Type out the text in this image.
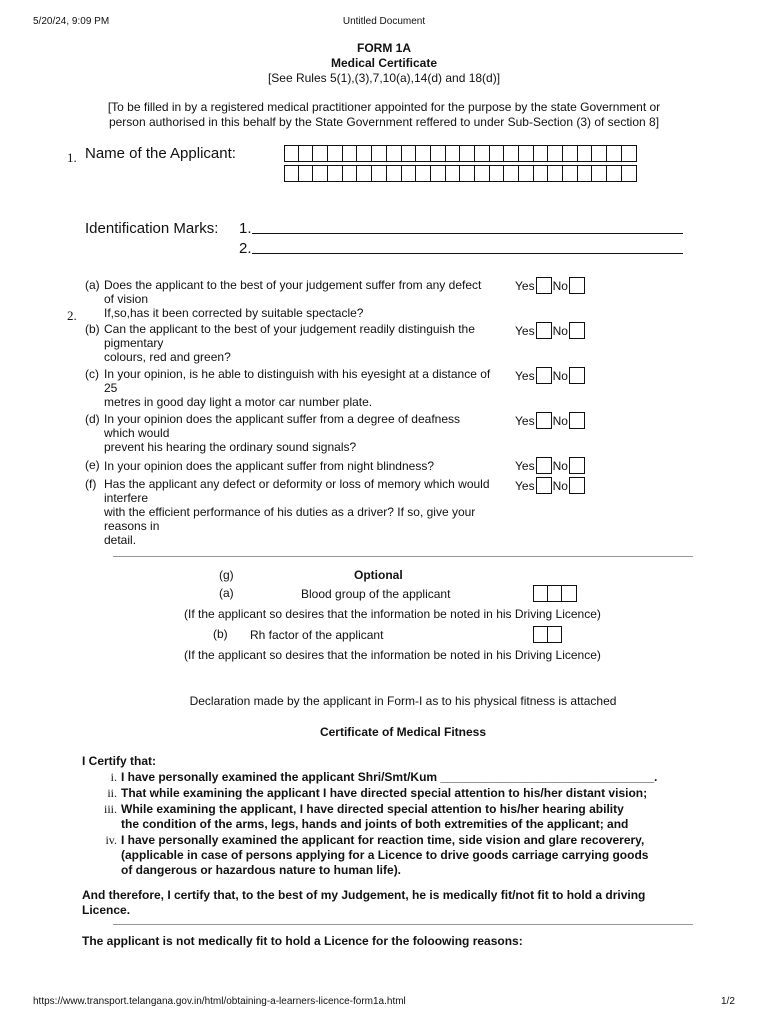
5/20/24, 9:09 PM	Untitled Document
FORM 1A
Medical Certificate
[See Rules 5(1),(3),7,10(a),14(d) and 18(d)]
[To be filled in by a registered medical practitioner appointed for the purpose by the state Government or
person authorised in this behalf by the State Government reffered to under Sub-Section (3) of section 8]
1. Name of the Applicant:
Identification Marks: 1.
2.
2.
(a) Does the applicant to the best of your judgement suffer from any defect
of vision
If,so,has it been corrected by suitable spectacle?
Yes No
(b) Can the applicant to the best of your judgement readily distinguish the
pigmentary
colours, red and green?
Yes No
(c) In your opinion, is he able to distinguish with his eyesight at a distance of
25
metres in good day light a motor car number plate.
Yes No
(d) In your opinion does the applicant suffer from a degree of deafness
which would
prevent his hearing the ordinary sound signals?
Yes No
(e) In your opinion does the applicant suffer from night blindness?	Yes No
(f) Has the applicant any defect or deformity or loss of memory which would
interfere
with the efficient performance of his duties as a driver? If so, give your
reasons in
detail.
Yes No
(g)	Optional
(a)	Blood group of the applicant
(If the applicant so desires that the information be noted in his Driving Licence)
(b) Rh factor of the applicant
(If the applicant so desires that the information be noted in his Driving Licence)
Declaration made by the applicant in Form-I as to his physical fitness is attached
Certificate of Medical Fitness
I Certify that:
i. I have personally examined the applicant Shri/Smt/Kum ________________________________.
ii. That while examining the applicant I have directed special attention to his/her distant vision;
iii. While examining the applicant, I have directed special attention to his/her hearing ability
the condition of the arms, legs, hands and joints of both extremities of the applicant; and
iv. I have personally examined the applicant for reaction time, side vision and glare recoverery,
(applicable in case of persons applying for a Licence to drive goods carriage carrying goods
of dangerous or hazardous nature to human life).
And therefore, I certify that, to the best of my Judgement, he is medically fit/not fit to hold a driving
Licence.
The applicant is not medically fit to hold a Licence for the foloowing reasons:
https://www.transport.telangana.gov.in/html/obtaining-a-learners-licence-form1a.html	1/2
